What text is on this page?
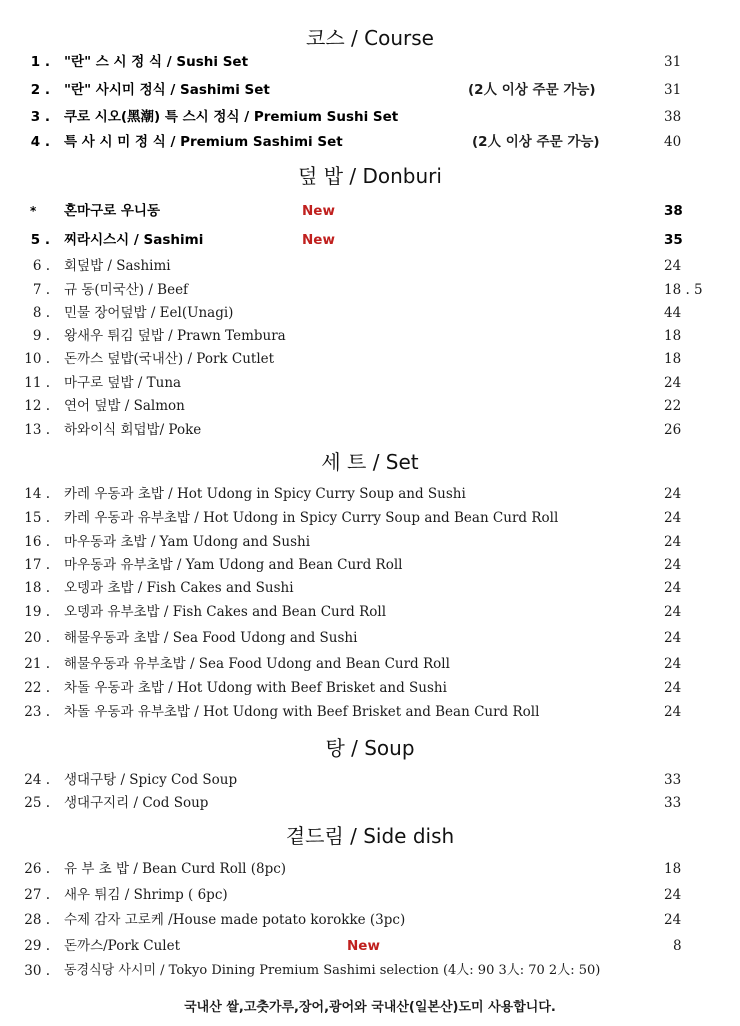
코스 / Course
1 . "란" 스 시 정 식 / Sushi Set	31
2 . "란" 사시미 정식 / Sashimi Set	(2人 이상 주문 가능)	31
3 . 쿠로 시오(黑潮) 특 스시 정식 / Premium Sushi Set	38
4 . 특 사 시 미 정 식 / Premium Sashimi Set	(2人 이상 주문 가능)	40
덮 밥 / Donburi
* 혼마구로 우니동	New	38
5 . 찌라시스시 / Sashimi	New	35
6 . 회덮밥 / Sashimi	24
7 . 규 동(미국산) / Beef	18 . 5
8 . 민물 장어덮밥 / Eel(Unagi)	44
9 . 왕새우 튀김 덮밥 / Prawn Tembura	18
10 . 돈까스 덮밥(국내산) / Pork Cutlet	18
11 . 마구로 덮밥 / Tuna	24
12 . 연어 덮밥 / Salmon	22
13 . 하와이식 회덥밥/ Poke	26
세 트 / Set
14 . 카레 우동과 초밥 / Hot Udong in Spicy Curry Soup and Sushi	24
15 . 카레 우동과 유부초밥 / Hot Udong in Spicy Curry Soup and Bean Curd Roll	24
16 . 마우동과 초밥 / Yam Udong and Sushi	24
17 . 마우동과 유부초밥 / Yam Udong and Bean Curd Roll	24
18 . 오뎅과 초밥 / Fish Cakes and Sushi	24
19 . 오뎅과 유부초밥 / Fish Cakes and Bean Curd Roll	24
20 . 해물우동과 초밥 / Sea Food Udong and Sushi	24
21 . 해물우동과 유부초밥 / Sea Food Udong and Bean Curd Roll	24
22 . 차돌 우동과 초밥 / Hot Udong with Beef Brisket and Sushi	24
23 . 차돌 우동과 유부초밥 / Hot Udong with Beef Brisket and Bean Curd Roll	24
탕 / Soup
24 . 생대구탕 / Spicy Cod Soup	33
25 . 생대구지리 / Cod Soup	33
곁드림 / Side dish
26 . 유 부 초 밥 / Bean Curd Roll (8pc)	18
27 . 새우 튀김 / Shrimp ( 6pc)	24
28 . 수제 감자 고로케 /House made potato korokke (3pc)	24
29 . 돈까스/Pork Culet	New	8
30 . 동경식당 사시미 / Tokyo Dining Premium Sashimi selection (4人: 90 3人: 70 2人: 50)
국내산 쌀,고춧가루,장어,광어와 국내산(일본산)도미 사용합니다.
